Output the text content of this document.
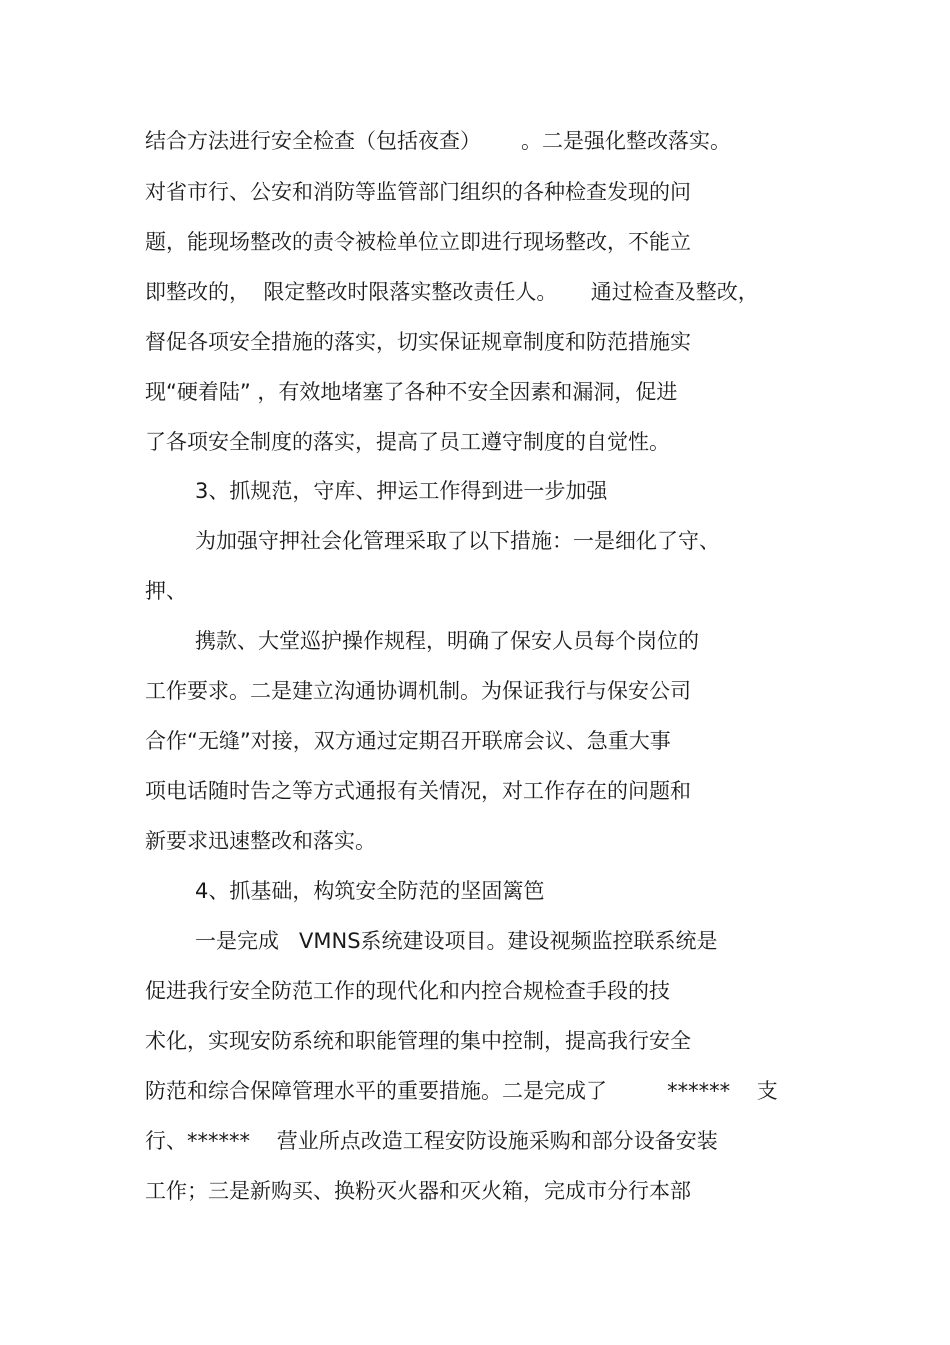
结合方法进行安全检查（包括夜查）      。二是强化整改落实。
对省市行、公安和消防等监管部门组织的各种检查发现的问
题，能现场整改的责令被检单位立即进行现场整改，不能立
即整改的，  限定整改时限落实整改责任人。     通过检查及整改，
督促各项安全措施的落实，切实保证规章制度和防范措施实
现“硬着陆” ，有效地堵塞了各种不安全因素和漏洞，促进
了各项安全制度的落实，提高了员工遵守制度的自觉性。
3、抓规范，守库、押运工作得到进一步加强
为加强守押社会化管理采取了以下措施：一是细化了守、
押、
携款、大堂巡护操作规程，明确了保安人员每个岗位的
工作要求。二是建立沟通协调机制。为保证我行与保安公司
合作“无缝”对接，双方通过定期召开联席会议、急重大事
项电话随时告之等方式通报有关情况，对工作存在的问题和
新要求迅速整改和落实。
4、抓基础，构筑安全防范的坚固篱笆
一是完成   VMNS系统建设项目。建设视频监控联系统是
促进我行安全防范工作的现代化和内控合规检查手段的技
术化，实现安防系统和职能管理的集中控制，提高我行安全
防范和综合保障管理水平的重要措施。二是完成了         ******    支
行、******    营业所点改造工程安防设施采购和部分设备安装
工作；三是新购买、换粉灭火器和灭火箱，完成市分行本部
